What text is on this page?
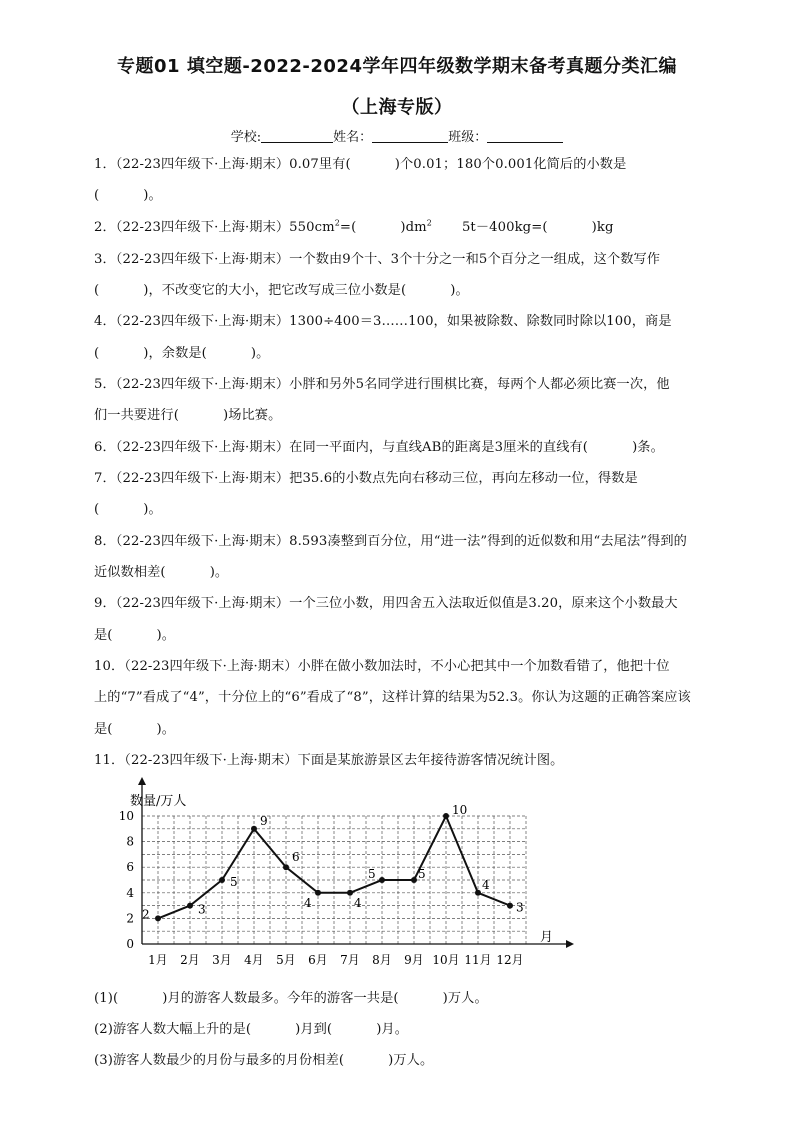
专题01 填空题-2022-2024学年四年级数学期末备考真题分类汇编
（上海专版）
学校:	姓名：	班级：
1．（22-23四年级下·上海·期末）0.07里有(	)个0.01；180个0.001化简后的小数是
(	)。
2．（22-23四年级下·上海·期末）$550cm^2=$(	)$dm^2$ 5t－400kg=(	)kg
3．（22-23四年级下·上海·期末）一个数由9个十、3个十分之一和5个百分之一组成，这个数写作
(	)，不改变它的大小，把它改写成三位小数是(	)。
4．（22-23四年级下·上海·期末）1300÷400＝3……100，如果被除数、除数同时除以100，商是
(	)，余数是(	)。
5．（22-23四年级下·上海·期末）小胖和另外5名同学进行围棋比赛，每两个人都必须比赛一次，他
们一共要进行(	)场比赛。
6．（22-23四年级下·上海·期末）在同一平面内，与直线AB的距离是3厘米的直线有(	)条。
7．（22-23四年级下·上海·期末）把35.6的小数点先向右移动三位，再向左移动一位，得数是
(	)。
8．（22-23四年级下·上海·期末）8.593凑整到百分位，用“进一法”得到的近似数和用“去尾法”得到的
近似数相差(	)。
9．（22-23四年级下·上海·期末）一个三位小数，用四舍五入法取近似值是3.20，原来这个小数最大
是(	)。
10．（22-23四年级下·上海·期末）小胖在做小数加法时，不小心把其中一个加数看错了，他把十位
上的“7”看成了“4”，十分位上的“6”看成了“8”，这样计算的结果为52.3。你认为这题的正确答案应该
是(	)。
11．（22-23四年级下·上海·期末）下面是某旅游景区去年接待游客情况统计图。
数量/万人
月
0
2
4
6
8
10
1月 2月 3月 4月 5月 6月 7月 8月 9月 10月 11月 12月
2	3
5
9
6
4	4
5	5
10
4
3
(1)(	)月的游客人数最多。今年的游客一共是(	)万人。
(2)游客人数大幅上升的是(	)月到(	)月。
(3)游客人数最少的月份与最多的月份相差(	)万人。
